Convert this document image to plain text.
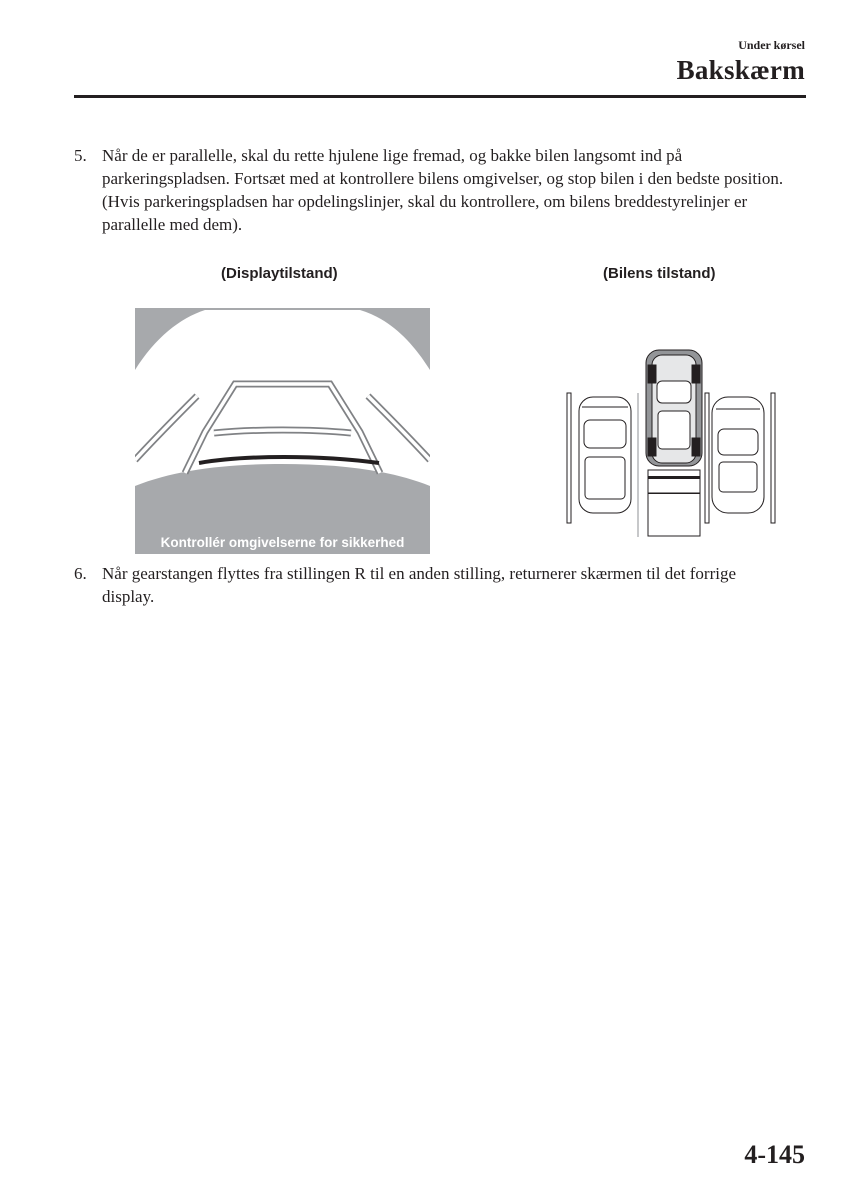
Under kørsel
Bakskærm
5. Når de er parallelle, skal du rette hjulene lige fremad, og bakke bilen langsomt ind på parkeringspladsen. Fortsæt med at kontrollere bilens omgivelser, og stop bilen i den bedste position. (Hvis parkeringspladsen har opdelingslinjer, skal du kontrollere, om bilens breddestyrelinjer er parallelle med dem).
(Displaytilstand)	(Bilens tilstand)
Kontrollér omgivelserne for sikkerhed
6. Når gearstangen flyttes fra stillingen R til en anden stilling, returnerer skærmen til det forrige display.
4-145
